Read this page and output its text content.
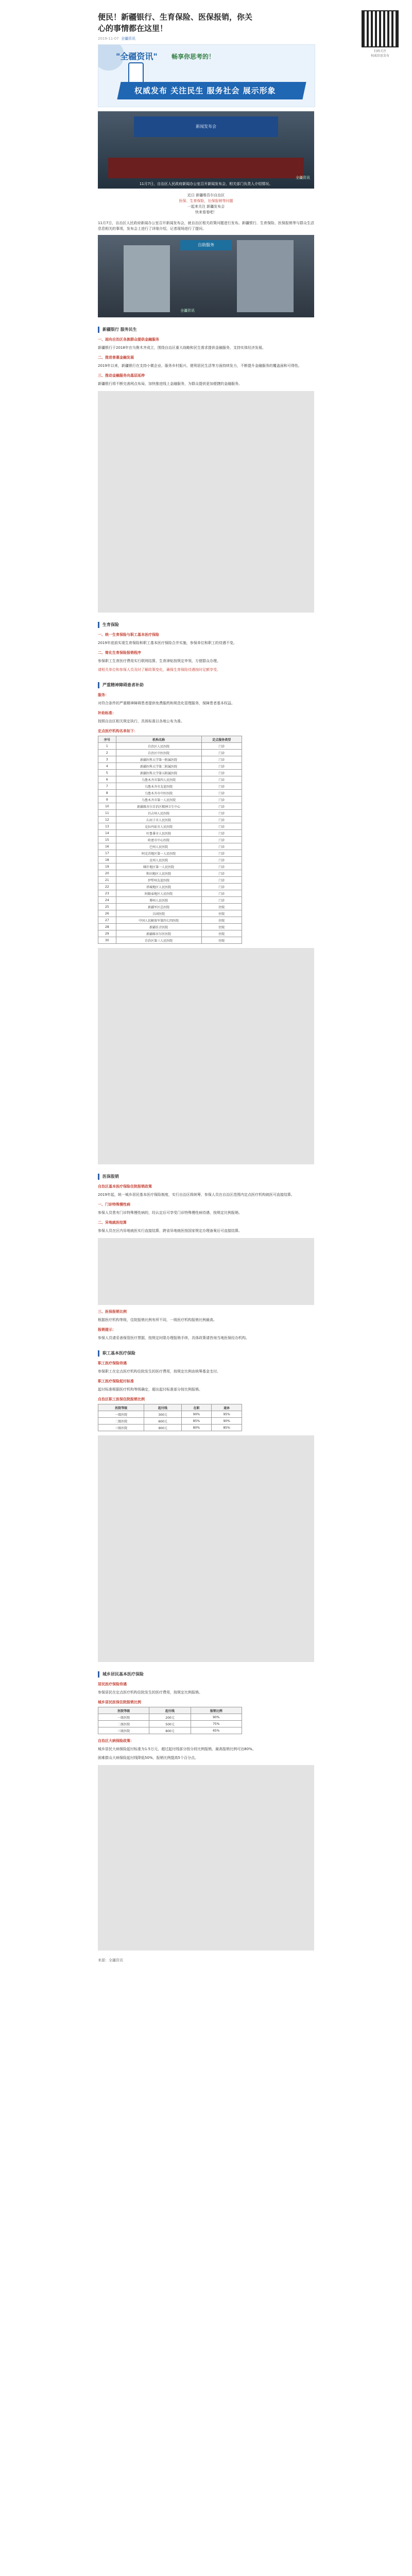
扫码关注
权威信息发布
便民！新疆银行、生育保险、医保报销，你关心的事情都在这里！
2019-11-07 全疆资讯
"全疆资讯" 畅享你思考的！
权威发布 关注民生 服务社会 展示形象
新闻发布会
全疆资讯
11月7日，自治区人民政府新闻办公室召开新闻发布会，相关部门负责人介绍情况。
近日 新疆维吾尔自治区
医保、生育保险，社保报销等问题
一起来关注 新疆发布会
快来看看吧！

11月7日，自治区人民政府新闻办公室召开新闻发布会，就自治区相关政策问题进行发布。新疆银行、生育保险、医保报销等与群众生活息息相关的事项，发布会上进行了详细介绍，记者现场进行了提问。

自助服务
全疆资讯
新疆银行 服务民生
一、面向自治区各族群众提供金融服务

新疆银行于2018年在乌鲁木齐成立，围绕自治区重大战略和民生需求提供金融服务，支持实体经济发展。

二、推进普惠金融发展

2019年以来，新疆银行在支持小微企业、服务乡村振兴、便利居民生活等方面持续发力，不断提升金融服务的覆盖面和可得性。

三、推动金融服务向基层延伸

新疆银行将不断完善网点布局，加快推进线上金融服务，为群众提供更加便捷的金融服务。

生育保险
一、统一生育保险与职工基本医疗保险

2019年底前实现生育保险和职工基本医疗保险合并实施，参保单位和职工的待遇不变。

二、简化生育保险报销程序

参保职工生育医疗费用实行联网结算，生育津贴按规定申领，方便群众办理。

请相关单位和参保人员及时了解政策变化，确保生育保险待遇按时足额享受。

严重精神障碍患者补助
服务：

对符合条件的严重精神障碍患者提供免费服药和规范化管理服务，保障患者基本权益。

补助标准：

按照自治区相关规定执行，具体标准以各地公布为准。

定点医疗机构名单如下：
序号	机构名称	定点服务类型
1	自治区人民医院	门诊
2	自治区中医医院	门诊
3	新疆医科大学第一附属医院	门诊
4	新疆医科大学第二附属医院	门诊
5	新疆医科大学第五附属医院	门诊
6	乌鲁木齐市第四人民医院	门诊
7	乌鲁木齐市友谊医院	门诊
8	乌鲁木齐市中医医院	门诊
9	乌鲁木齐市第一人民医院	门诊
10	新疆维吾尔自治区精神卫生中心	门诊
11	昌吉州人民医院	门诊
12	石河子市人民医院	门诊
13	克拉玛依市人民医院	门诊
14	吐鲁番市人民医院	门诊
15	哈密市中心医院	门诊
16	巴州人民医院	门诊
17	阿克苏地区第一人民医院	门诊
18	克州人民医院	门诊
19	喀什地区第一人民医院	门诊
20	和田地区人民医院	门诊
21	伊犁州友谊医院	门诊
22	塔城地区人民医院	门诊
23	阿勒泰地区人民医院	门诊
24	博州人民医院	门诊
25	新疆军区总医院	住院
26	兵团医院	住院
27	中国人民解放军第四七四医院	住院
28	新疆佳音医院	住院
29	新疆维吾尔医医院	住院
30	自治区第三人民医院	住院
医保报销
自治区基本医疗保险住院报销政策

2019年起，统一城乡居民基本医疗保险制度，实行自治区级统筹，参保人员在自治区范围内定点医疗机构就医可直接结算。

一、门诊特殊慢性病

参保人员患有门诊特殊慢性病的，经认定后可享受门诊特殊慢性病待遇，按规定比例报销。

二、异地就医结算

参保人员在区内异地就医实行直接结算，跨省异地就医按国家规定办理备案后可直接结算。

三、医保报销比例

根据医疗机构等级，住院报销比例有所不同，一级医疗机构报销比例最高。

报销提示：

参保人员请妥善保管医疗票据，按规定时限办理报销手续，具体政策请咨询当地医保经办机构。

职工基本医疗保险
职工医疗保险待遇

参保职工在定点医疗机构住院发生的医疗费用，按规定比例由统筹基金支付。

职工医疗保险起付标准

起付标准根据医疗机构等级确定，超出起付标准部分按比例报销。

自治区职工医保住院报销比例
医院等级	起付线	在职	退休
一级医院	300元	90%	95%
二级医院	600元	85%	90%
三级医院	900元	80%	85%
城乡居民基本医疗保险
居民医疗保险待遇

参保居民在定点医疗机构住院发生的医疗费用，按规定比例报销。

城乡居民医保住院报销比例
医院等级	起付线	报销比例
一级医院	200元	90%
二级医院	500元	75%
三级医院	800元	65%
自治区大病保险政策：

城乡居民大病保险起付标准为1.5万元，超过起付线部分按分段比例报销，最高报销比例可达80%。

困难群众大病保险起付线降低50%，报销比例提高5个百分点。

来源：全疆资讯
